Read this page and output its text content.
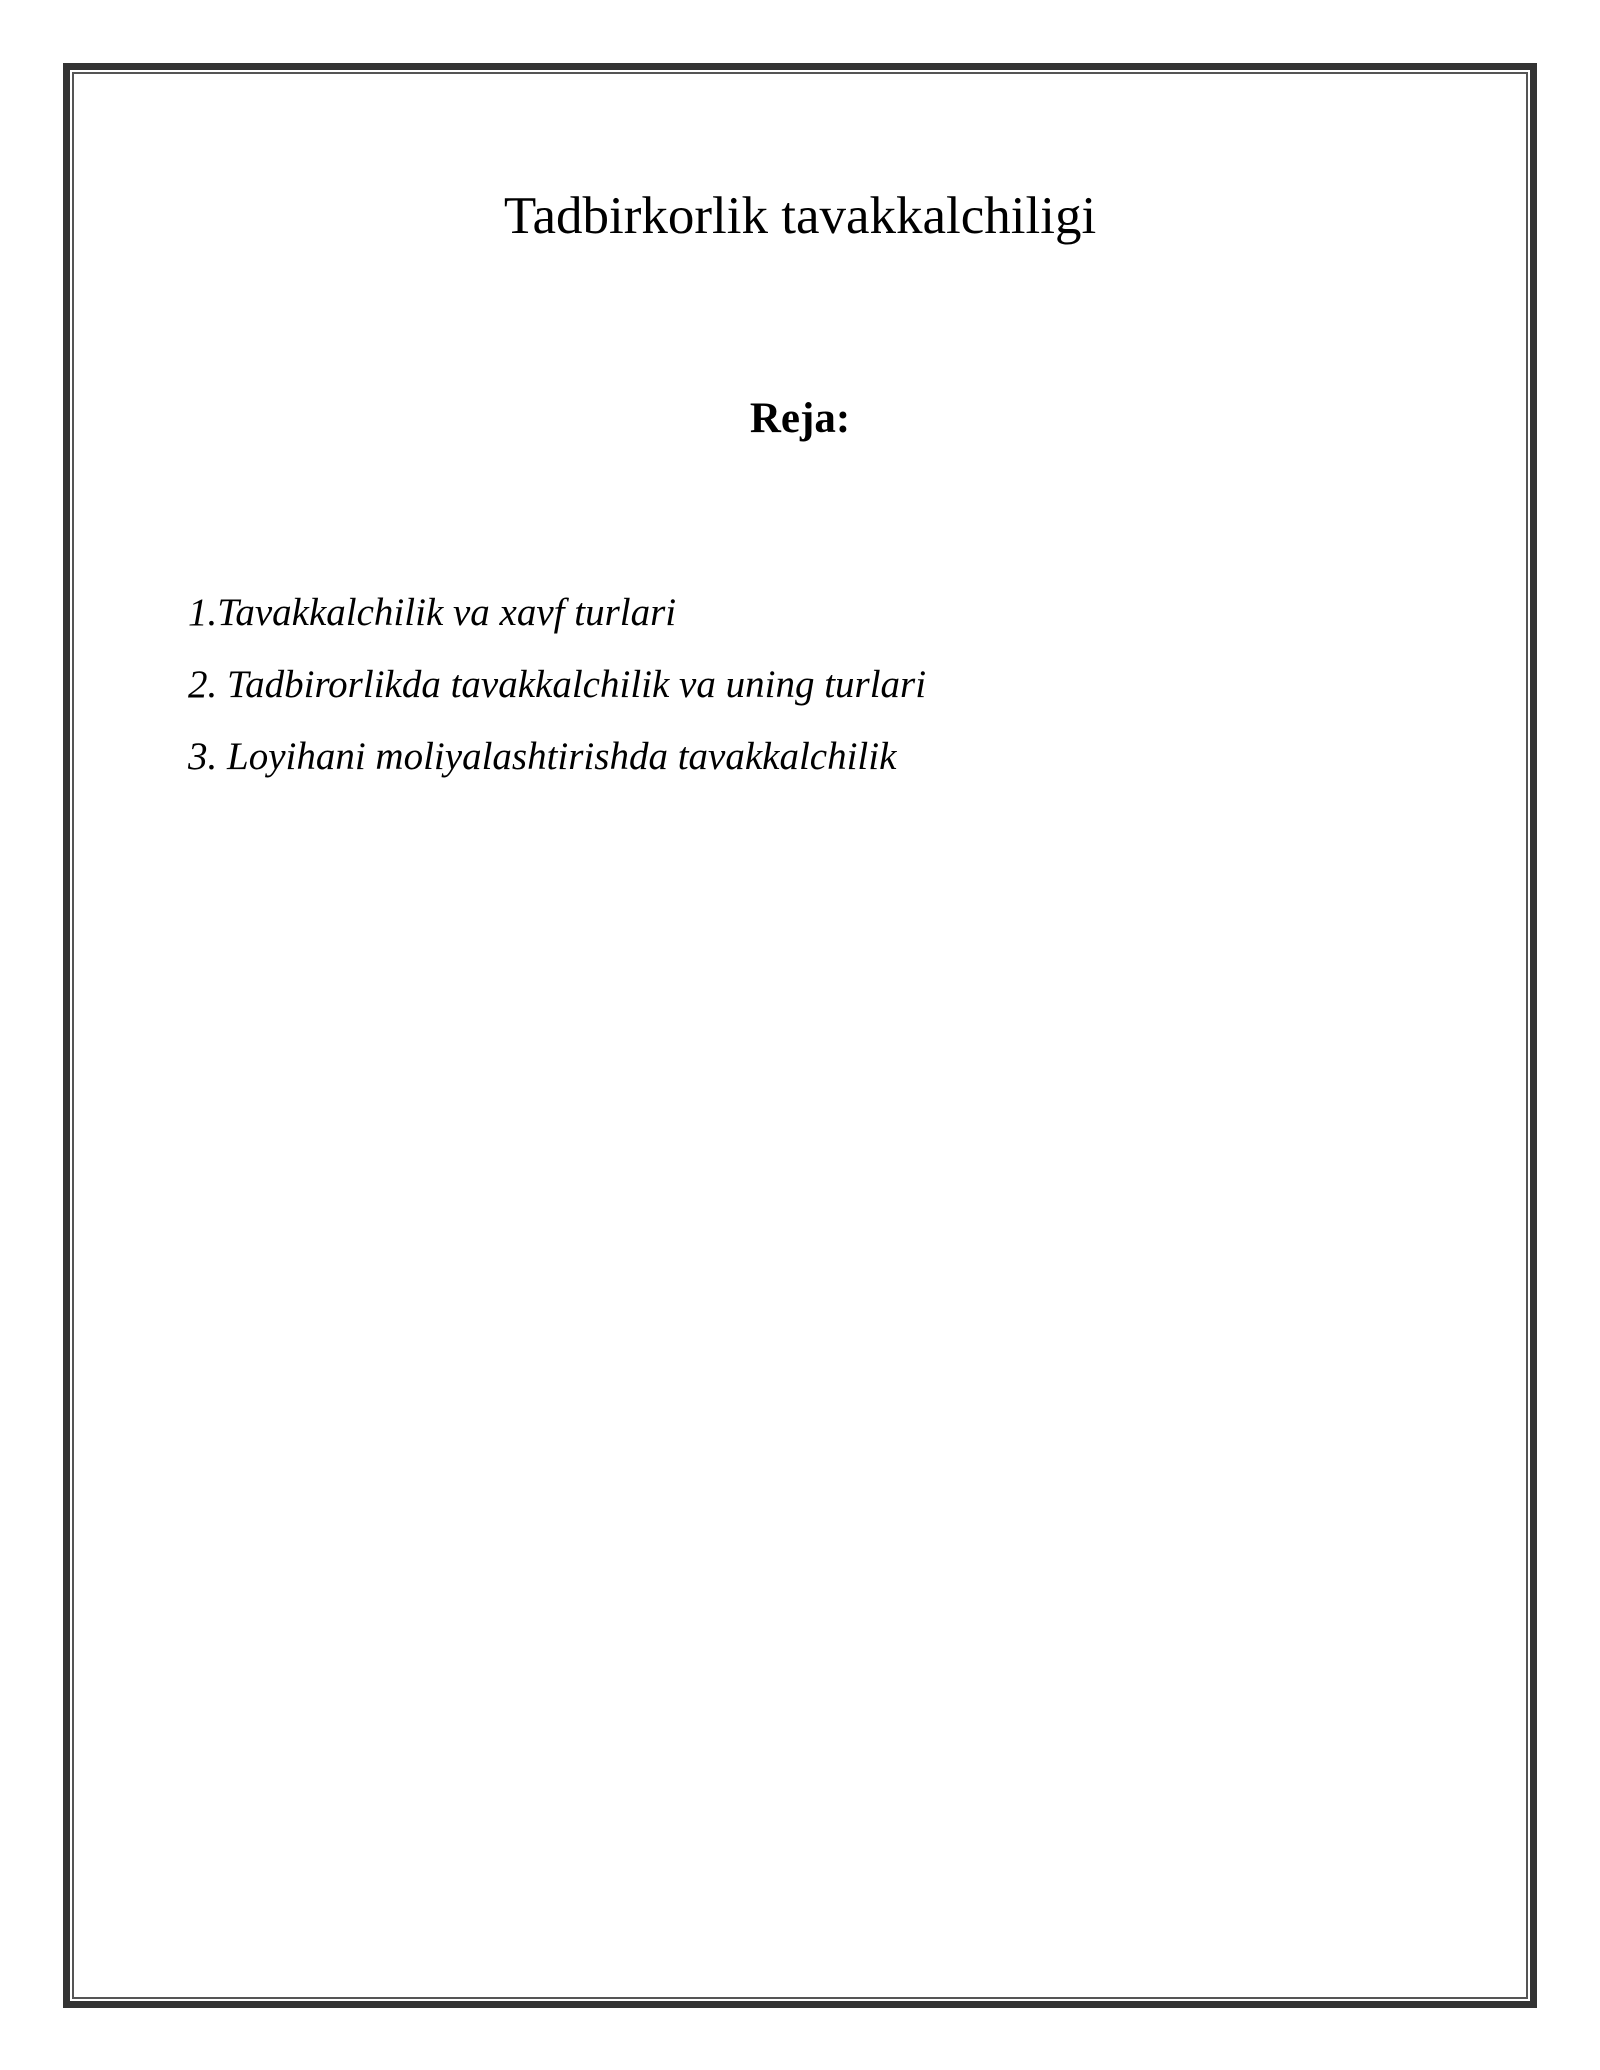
Tadbirkorlik tavakkalchiligi
Reja:
1.Tavakkalchilik va xavf turlari
2. Tadbirorlikda tavakkalchilik va uning turlari
3. Loyihani moliyalashtirishda tavakkalchilik
